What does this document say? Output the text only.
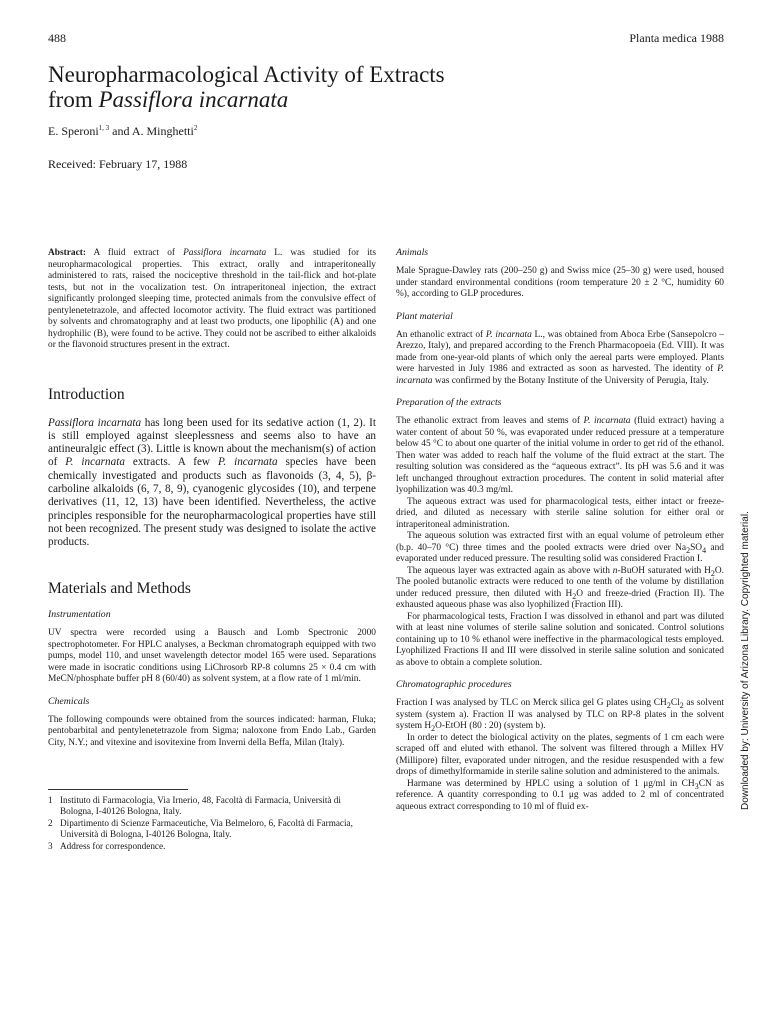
488	Planta medica 1988
Neuropharmacological Activity of Extracts
from Passiflora incarnata
E. Speroni$^{1, 3}$ and A. Minghetti$^2$
Received: February 17, 1988
Downloaded by: University of Arizona Library. Copyrighted material.

Abstract: A fluid extract of Passiflora incarnata L. was studied for its neuropharmacological properties. This extract, orally and intraperitoneally administered to rats, raised the nociceptive threshold in the tail-flick and hot-plate tests, but not in the vocalization test. On intraperitoneal injection, the extract significantly prolonged sleeping time, protected animals from the convulsive effect of pentylenetetrazole, and affected locomotor activity. The fluid extract was partitioned by solvents and chromatography and at least two products, one lipophilic (A) and one hydrophilic (B), were found to be active. They could not be ascribed to either alkaloids or the flavonoid structures present in the extract.

Introduction

Passiflora incarnata has long been used for its sedative action (1, 2). It is still employed against sleeplessness and seems also to have an antineuralgic effect (3). Little is known about the mechanism(s) of action of P. incarnata extracts. A few P. incarnata species have been chemically investigated and products such as flavonoids (3, 4, 5), β-carboline alkaloids (6, 7, 8, 9), cyanogenic glycosides (10), and terpene derivatives (11, 12, 13) have been identified. Nevertheless, the active principles responsible for the neuropharmacological properties have still not been recognized. The present study was designed to isolate the active products.

Materials and Methods
Instrumentation

UV spectra were recorded using a Bausch and Lomb Spectronic 2000 spectrophotometer. For HPLC analyses, a Beckman chromatograph equipped with two pumps, model 110, and unset wavelength detector model 165 were used. Separations were made in isocratic conditions using LiChrosorb RP-8 columns 25 × 0.4 cm with MeCN/phosphate buffer pH 8 (60/40) as solvent system, at a flow rate of 1 ml/min.

Chemicals

The following compounds were obtained from the sources indicated: harman, Fluka; pentobarbital and pentylenetetrazole from Sigma; naloxone from Endo Lab., Garden City, N.Y.; and vitexine and isovitexine from Inverni della Beffa, Milan (Italy).

1 Instituto di Farmacologia, Via Irnerio, 48, Facoltà di Farmacia, Università di Bologna, I-40126 Bologna, Italy.
2 Dipartimento di Scienze Farmaceutiche, Via Belmeloro, 6, Facoltà di Farmacia, Università di Bologna, I-40126 Bologna, Italy.
3 Address for correspondence.
Animals

Male Sprague-Dawley rats (200–250 g) and Swiss mice (25–30 g) were used, housed under standard environmental conditions (room temperature 20 ± 2 °C, humidity 60 %), according to GLP procedures.

Plant material

An ethanolic extract of P. incarnata L., was obtained from Aboca Erbe (Sansepolcro – Arezzo, Italy), and prepared according to the French Pharmacopoeia (Ed. VIII). It was made from one-year-old plants of which only the aereal parts were employed. Plants were harvested in July 1986 and extracted as soon as harvested. The identity of P. incarnata was confirmed by the Botany Institute of the University of Perugia, Italy.

Preparation of the extracts

The ethanolic extract from leaves and stems of P. incarnata (fluid extract) having a water content of about 50 %, was evaporated under reduced pressure at a temperature below 45 °C to about one quarter of the initial volume in order to get rid of the ethanol. Then water was added to reach half the volume of the fluid extract at the start. The resulting solution was considered as the “aqueous extract”. Its pH was 5.6 and it was left unchanged throughout extraction procedures. The content in solid material after lyophilization was 40.3 mg/ml.

The aqueous extract was used for pharmacological tests, either intact or freeze-dried, and diluted as necessary with sterile saline solution for either oral or intraperitoneal administration.

The aqueous solution was extracted first with an equal volume of petroleum ether (b.p. 40–70 °C) three times and the pooled extracts were dried over $Na_2SO_4$ and evaporated under reduced pressure. The resulting solid was considered Fraction I.

The aqueous layer was extracted again as above with n-BuOH saturated with $H_2O$. The pooled butanolic extracts were reduced to one tenth of the volume by distillation under reduced pressure, then diluted with $H_2O$ and freeze-dried (Fraction II). The exhausted aqueous phase was also lyophilized (Fraction III).

For pharmacological tests, Fraction I was dissolved in ethanol and part was diluted with at least nine volumes of sterile saline solution and sonicated. Control solutions containing up to 10 % ethanol were ineffective in the pharmacological tests employed. Lyophilized Fractions II and III were dissolved in sterile saline solution and sonicated as above to obtain a complete solution.

Chromatographic procedures

Fraction I was analysed by TLC on Merck silica gel G plates using $CH_2Cl_2$ as solvent system (system a). Fraction II was analysed by TLC on RP-8 plates in the solvent system $H_2O$-EtOH (80 : 20) (system b).

In order to detect the biological activity on the plates, segments of 1 cm each were scraped off and eluted with ethanol. The solvent was filtered through a Millex HV (Millipore) filter, evaporated under nitrogen, and the residue resuspended with a few drops of dimethylformamide in sterile saline solution and administered to the animals.

Harmane was determined by HPLC using a solution of 1 μg/ml in $CH_3CN$ as reference. A quantity corresponding to 0.1 μg was added to 2 ml of concentrated aqueous extract corresponding to 10 ml of fluid ex-
